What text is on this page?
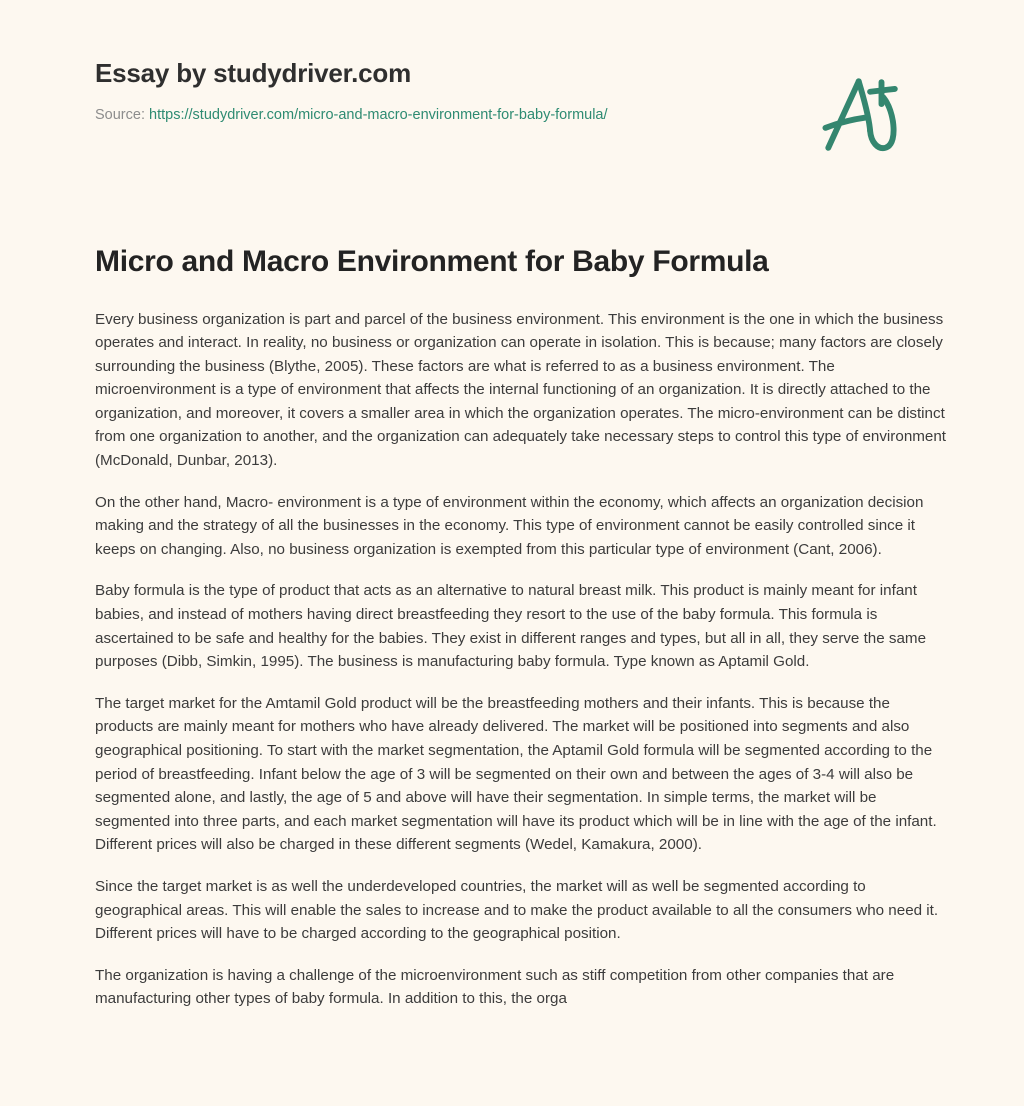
Essay by studydriver.com
Source: https://studydriver.com/micro-and-macro-environment-for-baby-formula/
Micro and Macro Environment for Baby Formula

Every business organization is part and parcel of the business environment. This environment is the one in which the business operates and interact. In reality, no business or organization can operate in isolation. This is because; many factors are closely surrounding the business (Blythe, 2005). These factors are what is referred to as a business environment. The microenvironment is a type of environment that affects the internal functioning of an organization. It is directly attached to the organization, and moreover, it covers a smaller area in which the organization operates. The micro-environment can be distinct from one organization to another, and the organization can adequately take necessary steps to control this type of environment (McDonald, Dunbar, 2013).

On the other hand, Macro- environment is a type of environment within the economy, which affects an organization decision making and the strategy of all the businesses in the economy. This type of environment cannot be easily controlled since it keeps on changing. Also, no business organization is exempted from this particular type of environment (Cant, 2006).

Baby formula is the type of product that acts as an alternative to natural breast milk. This product is mainly meant for infant babies, and instead of mothers having direct breastfeeding they resort to the use of the baby formula. This formula is ascertained to be safe and healthy for the babies. They exist in different ranges and types, but all in all, they serve the same purposes (Dibb, Simkin, 1995). The business is manufacturing baby formula. Type known as Aptamil Gold.

The target market for the Amtamil Gold product will be the breastfeeding mothers and their infants. This is because the products are mainly meant for mothers who have already delivered. The market will be positioned into segments and also geographical positioning. To start with the market segmentation, the Aptamil Gold formula will be segmented according to the period of breastfeeding. Infant below the age of 3 will be segmented on their own and between the ages of 3-4 will also be segmented alone, and lastly, the age of 5 and above will have their segmentation. In simple terms, the market will be segmented into three parts, and each market segmentation will have its product which will be in line with the age of the infant. Different prices will also be charged in these different segments (Wedel, Kamakura, 2000).

Since the target market is as well the underdeveloped countries, the market will as well be segmented according to geographical areas. This will enable the sales to increase and to make the product available to all the consumers who need it. Different prices will have to be charged according to the geographical position.

The organization is having a challenge of the microenvironment such as stiff competition from other companies that are manufacturing other types of baby formula. In addition to this, the orga
